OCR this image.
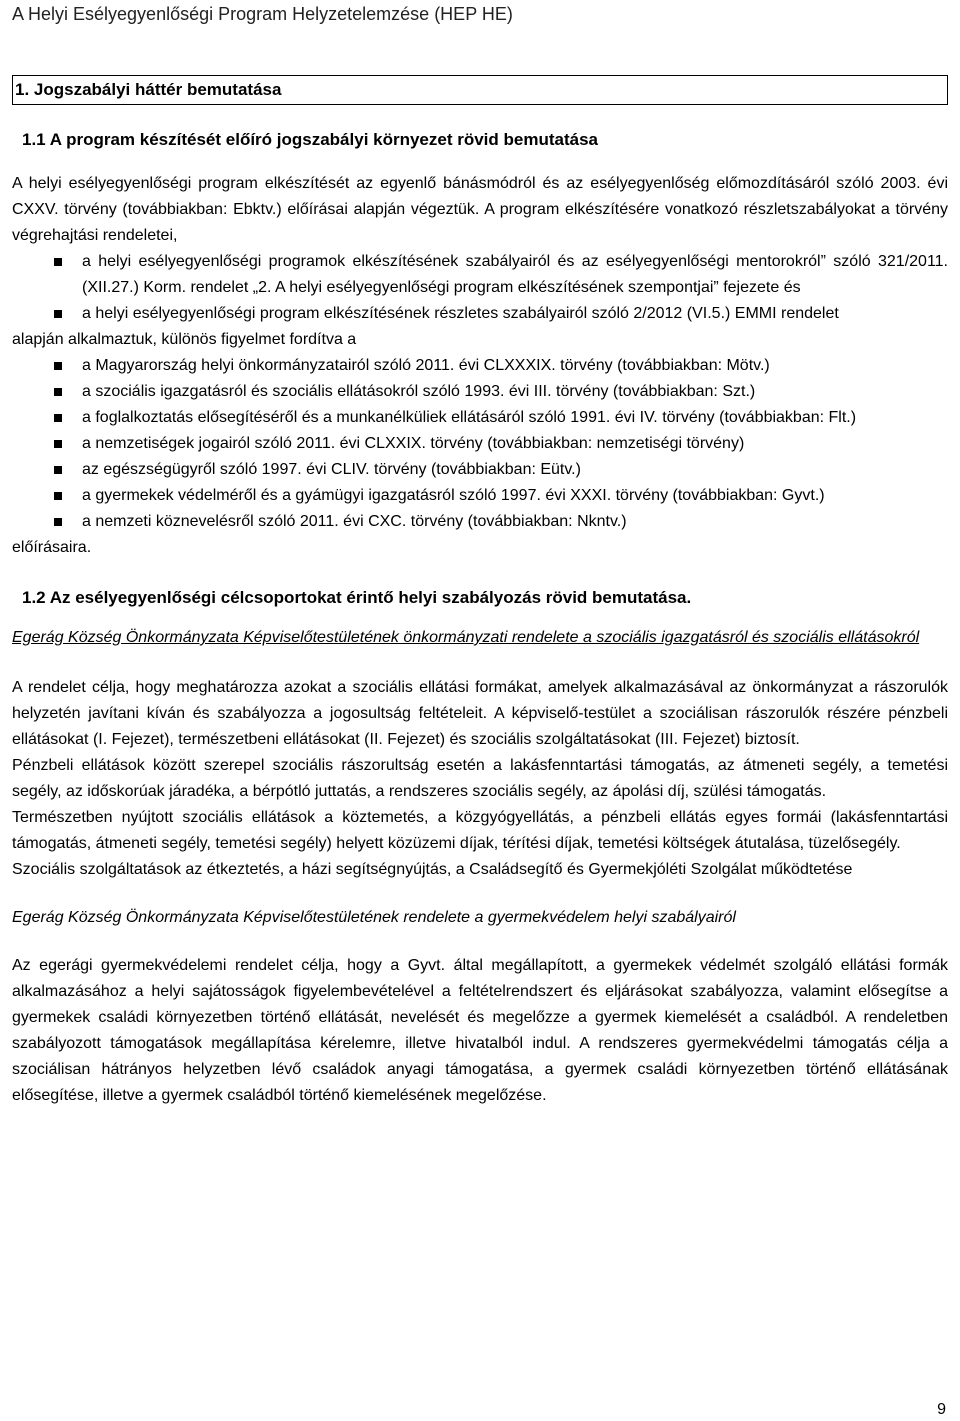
A Helyi Esélyegyenlőségi Program Helyzetelemzése (HEP HE)
1. Jogszabályi háttér bemutatása
1.1 A program készítését előíró jogszabályi környezet rövid bemutatása

A helyi esélyegyenlőségi program elkészítését az egyenlő bánásmódról és az esélyegyenlőség előmozdításáról szóló 2003. évi CXXV. törvény (továbbiakban: Ebktv.) előírásai alapján végeztük. A program elkészítésére vonatkozó részletszabályokat a törvény végrehajtási rendeletei,

a helyi esélyegyenlőségi programok elkészítésének szabályairól és az esélyegyenlőségi mentorokról” szóló 321/2011. (XII.27.) Korm. rendelet „2. A helyi esélyegyenlőségi program elkészítésének szempontjai” fejezete és
a helyi esélyegyenlőségi program elkészítésének részletes szabályairól szóló 2/2012 (VI.5.) EMMI rendelet

alapján alkalmaztuk, különös figyelmet fordítva a

a Magyarország helyi önkormányzatairól szóló 2011. évi CLXXXIX. törvény (továbbiakban: Mötv.)
a szociális igazgatásról és szociális ellátásokról szóló 1993. évi III. törvény (továbbiakban: Szt.)
a foglalkoztatás elősegítéséről és a munkanélküliek ellátásáról szóló 1991. évi IV. törvény (továbbiakban: Flt.)
a nemzetiségek jogairól szóló 2011. évi CLXXIX. törvény (továbbiakban: nemzetiségi törvény)
az egészségügyről szóló 1997. évi CLIV. törvény (továbbiakban: Eütv.)
a gyermekek védelméről és a gyámügyi igazgatásról szóló 1997. évi XXXI. törvény (továbbiakban: Gyvt.)
a nemzeti köznevelésről szóló 2011. évi CXC. törvény (továbbiakban: Nkntv.)

előírásaira.

1.2 Az esélyegyenlőségi célcsoportokat érintő helyi szabályozás rövid bemutatása.
Egerág Község Önkormányzata Képviselőtestületének önkormányzati rendelete a szociális igazgatásról és szociális ellátásokról

A rendelet célja, hogy meghatározza azokat a szociális ellátási formákat, amelyek alkalmazásával az önkormányzat a rászorulók helyzetén javítani kíván és szabályozza a jogosultság feltételeit. A képviselő-testület a szociálisan rászorulók részére pénzbeli ellátásokat (I. Fejezet), természetbeni ellátásokat (II. Fejezet) és szociális szolgáltatásokat (III. Fejezet) biztosít.

Pénzbeli ellátások között szerepel szociális rászorultság esetén a lakásfenntartási támogatás, az átmeneti segély, a temetési segély, az időskorúak járadéka, a bérpótló juttatás, a rendszeres szociális segély, az ápolási díj, szülési támogatás.

Természetben nyújtott szociális ellátások a köztemetés, a közgyógyellátás, a pénzbeli ellátás egyes formái (lakásfenntartási támogatás, átmeneti segély, temetési segély) helyett közüzemi díjak, térítési díjak, temetési költségek átutalása, tüzelősegély.

Szociális szolgáltatások az étkeztetés, a házi segítségnyújtás, a Családsegítő és Gyermekjóléti Szolgálat működtetése

Egerág Község Önkormányzata Képviselőtestületének rendelete a gyermekvédelem helyi szabályairól

Az egerági gyermekvédelemi rendelet célja, hogy a Gyvt. által megállapított, a gyermekek védelmét szolgáló ellátási formák alkalmazásához a helyi sajátosságok figyelembevételével a feltételrendszert és eljárásokat szabályozza, valamint elősegítse a gyermekek családi környezetben történő ellátását, nevelését és megelőzze a gyermek kiemelését a családból. A rendeletben szabályozott támogatások megállapítása kérelemre, illetve hivatalból indul. A rendszeres gyermekvédelmi támogatás célja a szociálisan hátrányos helyzetben lévő családok anyagi támogatása, a gyermek családi környezetben történő ellátásának elősegítése, illetve a gyermek családból történő kiemelésének megelőzése.

9
